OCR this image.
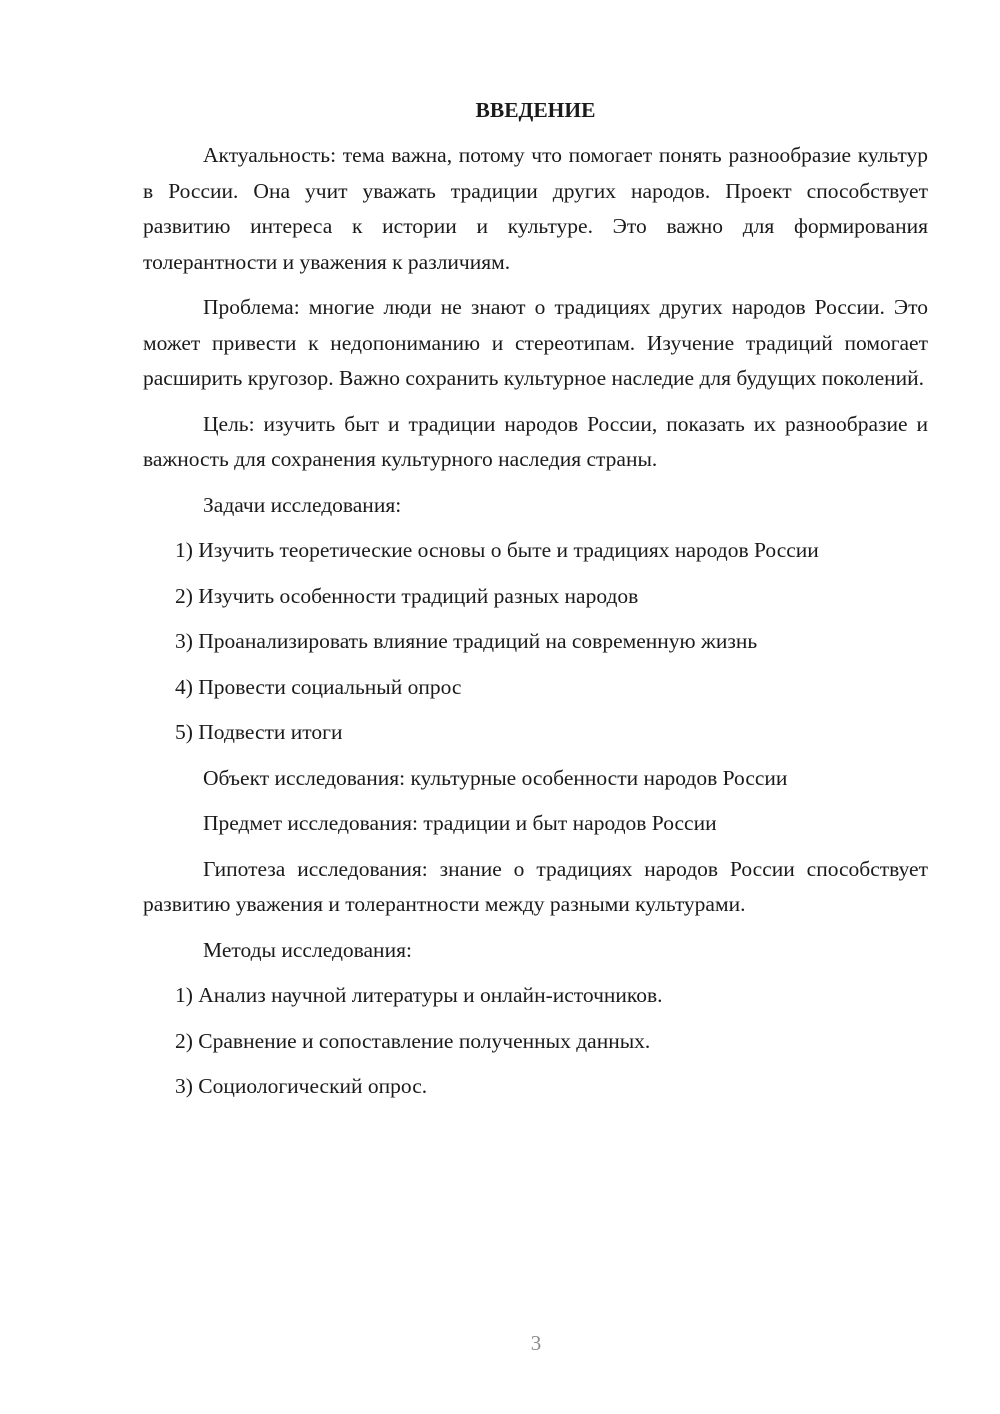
ВВЕДЕНИЕ
Актуальность: тема важна, потому что помогает понять разнообразие культур в России. Она учит уважать традиции других народов. Проект способствует развитию интереса к истории и культуре. Это важно для формирования толерантности и уважения к различиям.
Проблема: многие люди не знают о традициях других народов России. Это может привести к недопониманию и стереотипам. Изучение традиций помогает расширить кругозор. Важно сохранить культурное наследие для будущих поколений.
Цель: изучить быт и традиции народов России, показать их разнообразие и важность для сохранения культурного наследия страны.
Задачи исследования:
1) Изучить теоретические основы о быте и традициях народов России
2) Изучить особенности традиций разных народов
3) Проанализировать влияние традиций на современную жизнь
4) Провести социальный опрос
5) Подвести итоги
Объект исследования: культурные особенности народов России
Предмет исследования: традиции и быт народов России
Гипотеза исследования: знание о традициях народов России способствует развитию уважения и толерантности между разными культурами.
Методы исследования:
1) Анализ научной литературы и онлайн-источников.
2) Сравнение и сопоставление полученных данных.
3) Социологический опрос.
3
